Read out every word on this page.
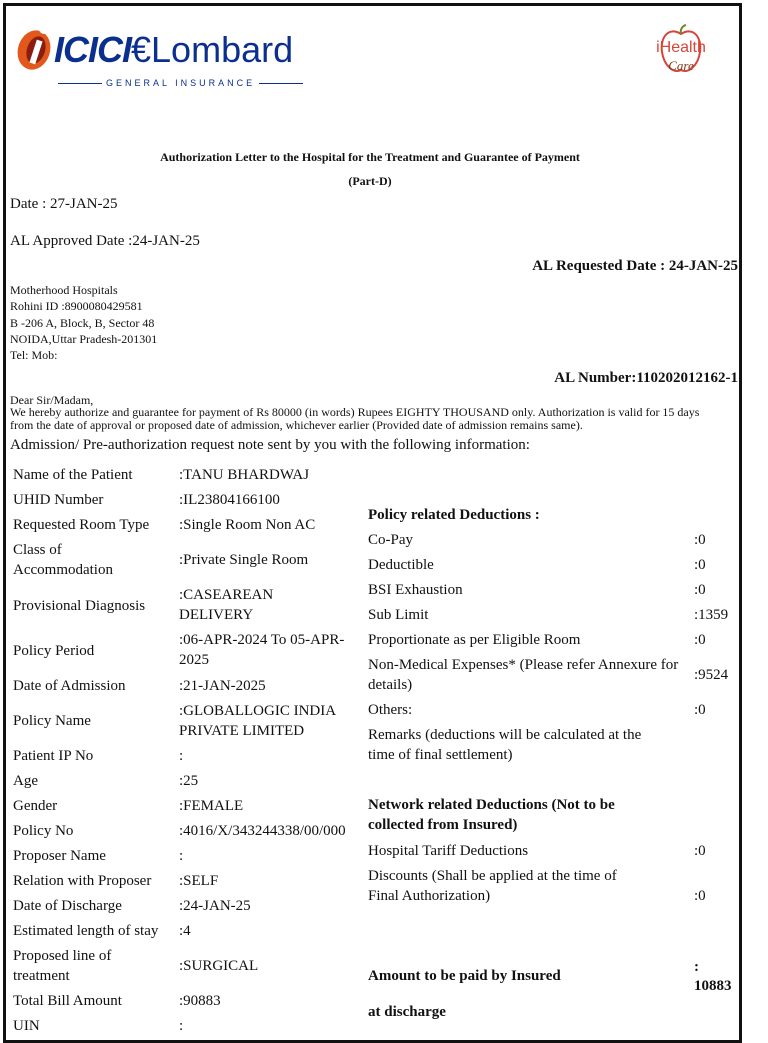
ICICI€Lombard
GENERAL INSURANCE
iHealth
Care
Authorization Letter to the Hospital for the Treatment and Guarantee of Payment
(Part-D)
Date : 27-JAN-25
AL Approved Date :24-JAN-25
AL Requested Date : 24-JAN-25
Motherhood Hospitals
Rohini ID :8900080429581
B -206 A, Block, B, Sector 48
NOIDA,Uttar Pradesh-201301
Tel: Mob:
AL Number:110202012162-1
Dear Sir/Madam,
We hereby authorize and guarantee for payment of Rs 80000 (in words) Rupees EIGHTY THOUSAND only. Authorization is valid for 15 days from the date of approval or proposed date of admission, whichever earlier (Provided date of admission remains same).
Admission/ Pre-authorization request note sent by you with the following information:
Name of the Patient	:TANU BHARDWAJ
UHID Number	:IL23804166100
Requested Room Type	:Single Room Non AC
Class of Accommodation
:Private Single Room
Provisional Diagnosis
:CASEAREAN DELIVERY
Policy Period
:06-APR-2024 To 05-APR-2025
Date of Admission	:21-JAN-2025
Policy Name
:GLOBALLOGIC INDIA PRIVATE LIMITED
Patient IP No	:
Age	:25
Gender	:FEMALE
Policy No	:4016/X/343244338/00/000
Proposer Name	:
Relation with Proposer	:SELF
Date of Discharge	:24-JAN-25
Estimated length of stay	:4
Proposed line of treatment
:SURGICAL
Total Bill Amount	:90883
UIN	:
Policy related Deductions :
Co-Pay	:0
Deductible	:0
BSI Exhaustion	:0
Sub Limit	:1359
Proportionate as per Eligible Room	:0
Non-Medical Expenses* (Please refer Annexure for details)
:9524
Others:	:0
Remarks (deductions will be calculated at the time of final settlement)
Network related Deductions (Not to be collected from Insured)
Hospital Tariff Deductions	:0
Discounts (Shall be applied at the time of Final Authorization)	:0
Amount to be paid by Insured
:
10883
at discharge
